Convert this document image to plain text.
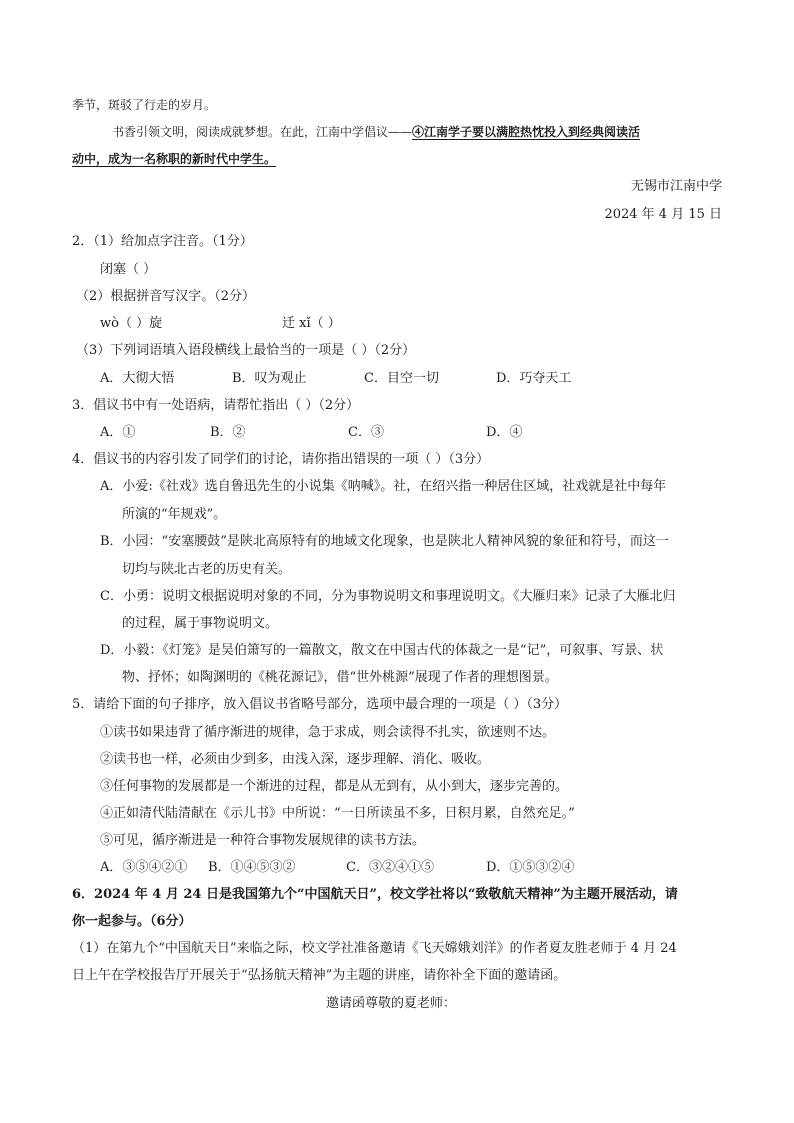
季节，斑驳了行走的岁月。
书香引领文明，阅读成就梦想。在此，江南中学倡议——④江南学子要以满腔热忱投入到经典阅读活
动中，成为一名称职的新时代中学生。
无锡市江南中学
2024 年 4 月 15 日
2．（1）给加点字注音。（1分）
闭塞（ ）
（2）根据拼音写汉字。（2分）
wò（ ）旋	迁 xǐ（ ）
（3）下列词语填入语段横线上最恰当的一项是（ ）（2分）
A．大彻大悟	B．叹为观止	C．目空一切	D．巧夺天工
3．倡议书中有一处语病，请帮忙指出（ ）（2分）
A．①	B．②	C．③	D．④
4．倡议书的内容引发了同学们的讨论，请你指出错误的一项（ ）（3分）
A．小爱:《社戏》选自鲁迅先生的小说集《呐喊》。社，在绍兴指一种居住区域，社戏就是社中每年
所演的“年规戏”。
B．小园：“安塞腰鼓”是陕北高原特有的地域文化现象，也是陕北人精神风貌的象征和符号，而这一
切均与陕北古老的历史有关。
C．小勇：说明文根据说明对象的不同，分为事物说明文和事理说明文。《大雁归来》记录了大雁北归
的过程，属于事物说明文。
D．小毅：《灯笼》是吴伯箫写的一篇散文，散文在中国古代的体裁之一是“记”，可叙事、写景、状
物、抒怀；如陶渊明的《桃花源记》，借“世外桃源”展现了作者的理想图景。
5．请给下面的句子排序，放入倡议书省略号部分，选项中最合理的一项是（ ）（3分）
①读书如果违背了循序渐进的规律，急于求成，则会读得不扎实，欲速则不达。
②读书也一样，必须由少到多，由浅入深，逐步理解、消化、吸收。
③任何事物的发展都是一个渐进的过程，都是从无到有，从小到大，逐步完善的。
④正如清代陆清献在《示儿书》中所说：“一日所读虽不多，日积月累，自然充足。”
⑤可见，循序渐进是一种符合事物发展规律的读书方法。
A．③⑤④②① B．①④⑤③②	C．③②④①⑤	D．①⑤③②④
6．2024 年 4 月 24 日是我国第九个“中国航天日”，校文学社将以“致敬航天精神”为主题开展活动，请
你一起参与。（6分）
（1）在第九个“中国航天日”来临之际，校文学社准备邀请《飞天嫦娥刘洋》的作者夏友胜老师于 4 月 24
日上午在学校报告厅开展关于“弘扬航天精神”为主题的讲座，请你补全下面的邀请函。
邀请函尊敬的夏老师：
